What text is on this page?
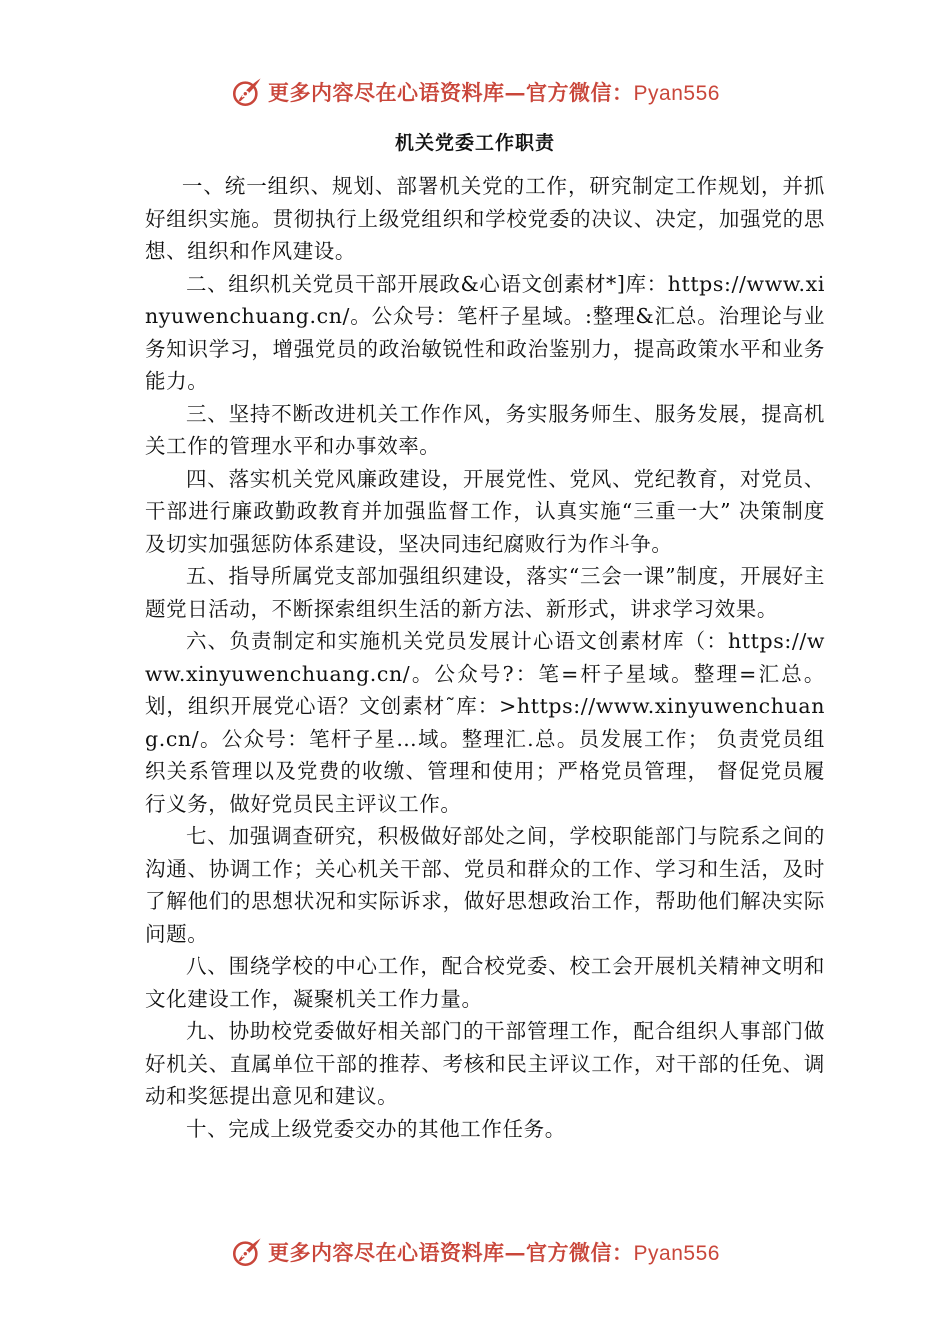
更多内容尽在心语资料库—官方微信：Pyan556
机关党委工作职责

一、统一组织、规划、部署机关党的工作，研究制定工作规划，并抓好组织实施。贯彻执行上级党组织和学校党委的决议、决定，加强党的思想、组织和作风建设。

二、组织机关党员干部开展政&心语文创素材*]库：https://www.xinyuwenchuang.cn/。公众号：笔杆子星域。:整理&汇总。治理论与业务知识学习，增强党员的政治敏锐性和政治鉴别力，提高政策水平和业务能力。

三、坚持不断改进机关工作作风，务实服务师生、服务发展，提高机关工作的管理水平和办事效率。

四、落实机关党风廉政建设，开展党性、党风、党纪教育，对党员、干部进行廉政勤政教育并加强监督工作，认真实施“三重一大” 决策制度及切实加强惩防体系建设，坚决同违纪腐败行为作斗争。

五、指导所属党支部加强组织建设，落实“三会一课”制度，开展好主题党日活动，不断探索组织生活的新方法、新形式，讲求学习效果。

六、负责制定和实施机关党员发展计心语文创素材库（：https://www.xinyuwenchuang.cn/。公众号?：笔=杆子星域。整理=汇总。划，组织开展党心语？文创素材˜库：>https://www.xinyuwenchuang.cn/。公众号：笔杆子星…域。整理汇.总。员发展工作； 负责党员组织关系管理以及党费的收缴、管理和使用；严格党员管理， 督促党员履行义务，做好党员民主评议工作。

七、加强调查研究，积极做好部处之间，学校职能部门与院系之间的沟通、协调工作；关心机关干部、党员和群众的工作、学习和生活，及时了解他们的思想状况和实际诉求，做好思想政治工作，帮助他们解决实际问题。

八、围绕学校的中心工作，配合校党委、校工会开展机关精神文明和文化建设工作，凝聚机关工作力量。

九、协助校党委做好相关部门的干部管理工作，配合组织人事部门做好机关、直属单位干部的推荐、考核和民主评议工作，对干部的任免、调动和奖惩提出意见和建议。

十、完成上级党委交办的其他工作任务。

更多内容尽在心语资料库—官方微信：Pyan556
